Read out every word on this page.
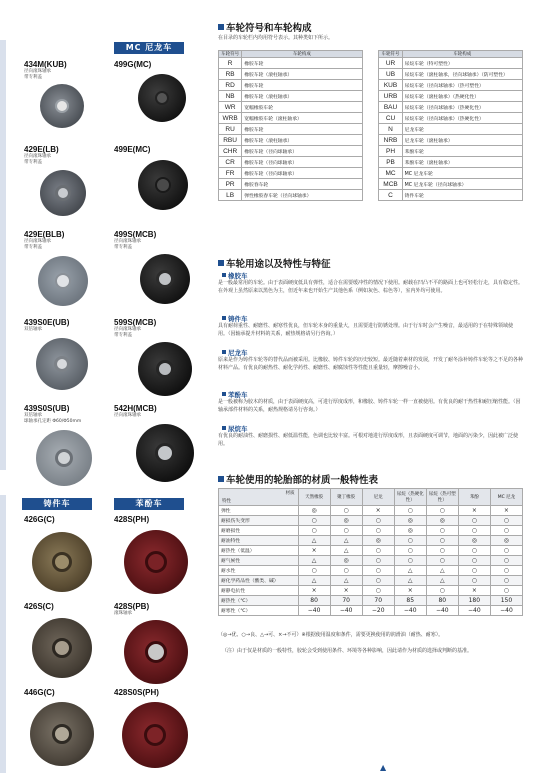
MC 尼龙车
铸件车	苯酚车
434M(KUB)
径向滚珠轴承
带专利盖
429E(LB)
径向滚珠轴承
带专利盖
429E(BLB)
径向滚珠轴承
带专利盖
439S0E(UB)
双倍轴承
439S0S(UB)
双倍轴承
球轴承孔定距 Φ60/Φ50mm
499G(MC)
499E(MC)
499S(MCB)
径向滚珠轴承
带专利盖
599S(MCB)
径向滚珠轴承
带专利盖
542H(MCB)
径向滚珠轴承
426G(C)
426S(C)
446G(C)
428S(PH)
428S(PB)
滚珠轴承
428S0S(PH)
车轮符号和车轮构成
在目录的车轮栏内均用符号表示。其种类如下所示。
车轮符号	车轮构成		车轮符号	车轮构成
R	橡胶车轮		UR	尿烷车轮（特可塑性）
RB	橡胶车轮（滚柱轴承）		UB	尿烷车轮（滚柱轴承，径向球轴承）（防可塑性）
RD	橡胶车轮		KUB	尿烷车轮（径向球轴承）（热可塑性）
NB	橡胶车轮（滚柱轴承）		URB	尿烷车轮（滚柱轴承）（热硬化性）
WR	宽幅橡胶车轮		BAU	尿烷车轮（径向球轴承）（热硬化性）
WRB	宽幅橡胶车轮（滚柱轴承）		CU	尿烷车轮（径向球轴承）（热硬化性）
RU	橡胶车轮		N	尼龙车轮
RBU	橡胶车轮（滚柱轴承）		NRB	尼龙车轮（滚柱轴承）
CHR	橡胶车轮（径向球轴承）		PH	苯酚车轮
CR	橡胶车轮（径向球轴承）		PB	苯酚车轮（滚柱轴承）
FR	橡胶车轮（径向球轴承）		MC	MC 尼龙车轮
PR	橡胶春车轮		MCB	MC 尼龙车轮（径向球轴承）
LB	弹性橡胶春车轮（径向球轴承）		C	铸件车轮
车轮用途以及特性与特征
橡胶车
是一般最常用的车轮。由于表面硬度低具有弹性，适合在需要缓冲性的情况下使用。耐载在凹凸不平的路面上也可轻松行走，具有稳定性。在外观上虽然原来以黑色为主，但近年来也开始生产其他色系（例如灰色、棕色等），室内外均可使用。
铸件车
具有耐荷重性、耐磨性、耐寒性优良，但车轮本身的重量大，且需要进行防锈处理。由于行车时会产生噪音，最适用的于在特殊领域使用。（因轴承提升材料的关系，耐热规格请另行咨询。）
尼龙车
原来是作为铸件车轮等的替代品而被采用。比橡胶、铸件车轮的历史较短。最近随着素材的发展，开发了耐冬涂补铸件车轮等之不足的各种材料产品。有优良的耐热性、耐化学药性、耐磨性、耐腐蚀性等性能且重量轻，摩擦噪音小。
苯酚车
是一般被称为胶木的材质，由于表面硬度高，可进行厚度成形，和橡胶、铸件车轮一样一直被使用。有优良的耐干热性和耐压缩性能。（因轴承部件材料的关系，耐热规格请另行咨询。）
尿烷车
有优良的耐油性、耐磨损性、耐低温性能，色调也比较丰富。可根对地进行厚度成形，且表面硬度可调节，地面的污染少，因此被广泛使用。
车轮使用的轮胎部的材质一般特性表
材质
特性	天然橡胶	聚丁橡胶	尼龙	尿烷（热硬化性）	尿烷（热可塑性）	苯酚	MC 尼龙
弹性	◎	○	×	○	○	×	×
耐损伤失变形	○	◎	○	◎	◎	○	○
耐磨损性	○	○	○	◎	○	○	○
耐油特性	△	△	◎	○	○	◎	◎
耐热性（低温）	×	△	○	○	○	○	○
耐气候性	△	◎	○	○	○	○	○
耐水性	○	○	○	△	△	○	○
耐化学药品性（酸类、碱）	△	△	○	△	△	○	○
耐静电抗性	×	×	○	×	○	×	○
耐热性（℃）	80	70	70	85	80	180	150
耐寒性（℃）	−40	−40	−20	−40	−40	−40	−40
（◎→优、○→良、△→可、×→不可）※根据使用温度和条件，需要更换使用的润滑油（耐热、耐寒）。
（注）由于仅是材质的一般特性，胶轮会受到使用条件、环境等各种影响，因此请作为材质的选择或判断的基准。
▲
